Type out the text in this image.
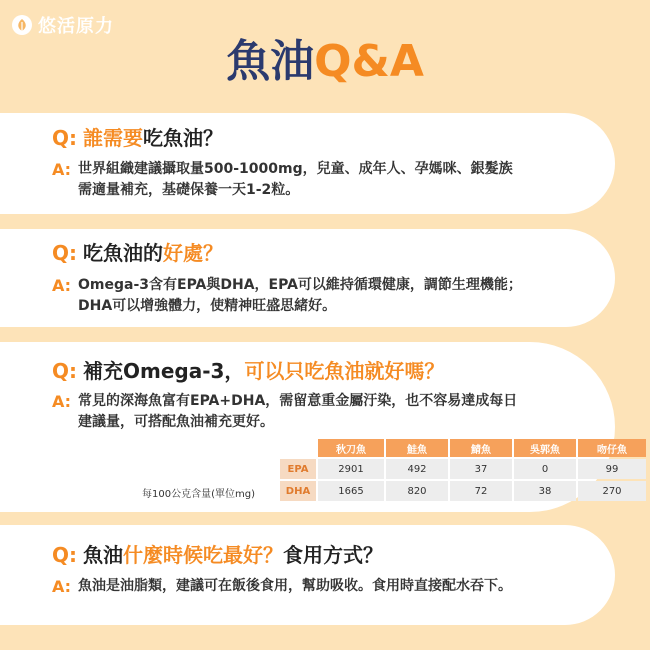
悠活原力
魚油Q&A
Q: 誰需要吃魚油？
A: 世界組織建議攝取量500-1000mg，兒童、成年人、孕媽咪、銀髮族
需適量補充，基礎保養一天1-2粒。
Q: 吃魚油的好處？
A: Omega-3含有EPA與DHA，EPA可以維持循環健康，調節生理機能；
DHA可以增強體力，使精神旺盛思緒好。
Q: 補充Omega-3，可以只吃魚油就好嗎？
A: 常見的深海魚富有EPA+DHA，需留意重金屬汙染，也不容易達成每日
建議量，可搭配魚油補充更好。
	秋刀魚	鮭魚	鯖魚	吳郭魚	吻仔魚
EPA	2901	492	37	0	99
DHA	1665	820	72	38	270
每100公克含量(單位mg)
Q: 魚油什麼時候吃最好？食用方式？
A: 魚油是油脂類，建議可在飯後食用，幫助吸收。食用時直接配水吞下。
